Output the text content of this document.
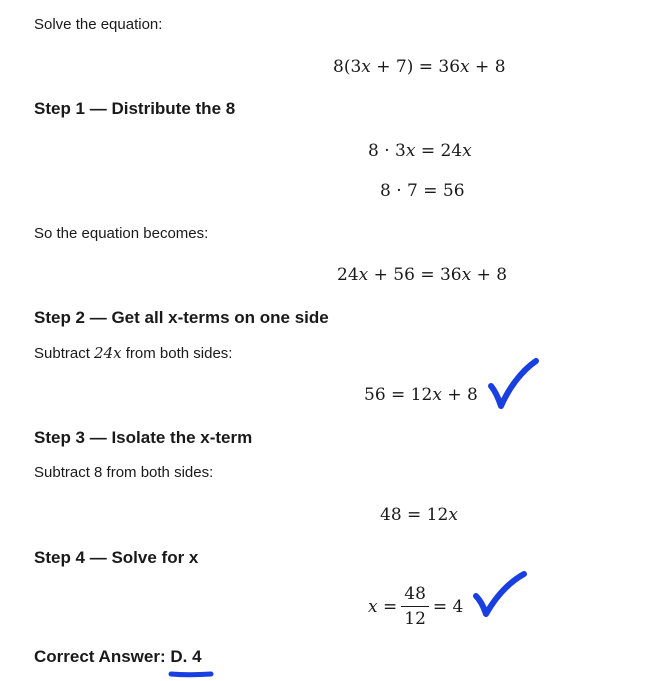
Solve the equation:
8(3x + 7) = 36x + 8
Step 1 — Distribute the 8
8 · 3x = 24x
8 · 7 = 56
So the equation becomes:
24x + 56 = 36x + 8
Step 2 — Get all x-terms on one side
Subtract 24x from both sides:
56 = 12x + 8
Step 3 — Isolate the x-term
Subtract 8 from both sides:
48 = 12x
Step 4 — Solve for x
$x = \frac{48}{12} = 4$
Correct Answer: D. 4
